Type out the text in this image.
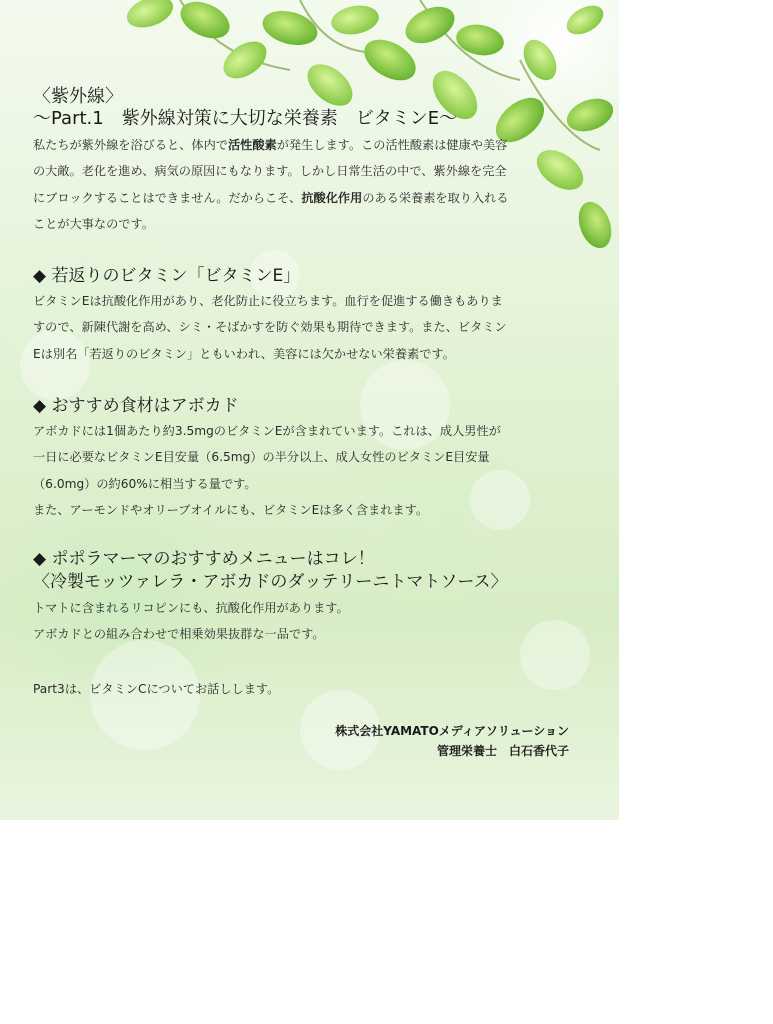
〈紫外線〉
〜Part.1　紫外線対策に大切な栄養素　ビタミンE〜
私たちが紫外線を浴びると、体内で活性酸素が発生します。この活性酸素は健康や美容
の大敵。老化を進め、病気の原因にもなります。しかし日常生活の中で、紫外線を完全
にブロックすることはできません。だからこそ、抗酸化作用のある栄養素を取り入れる
ことが大事なのです。
◆ 若返りのビタミン「ビタミンE」
ビタミンEは抗酸化作用があり、老化防止に役立ちます。血行を促進する働きもありま
すので、新陳代謝を高め、シミ・そばかすを防ぐ効果も期待できます。また、ビタミン
Eは別名「若返りのビタミン」ともいわれ、美容には欠かせない栄養素です。
◆ おすすめ食材はアボカド
アボカドには1個あたり約3.5mgのビタミンEが含まれています。これは、成人男性が
一日に必要なビタミンE目安量（6.5mg）の半分以上、成人女性のビタミンE目安量
（6.0mg）の約60%に相当する量です。
また、アーモンドやオリーブオイルにも、ビタミンEは多く含まれます。
◆ ポポラマーマのおすすめメニューはコレ！
〈冷製モッツァレラ・アボカドのダッテリーニトマトソース〉
トマトに含まれるリコピンにも、抗酸化作用があります。
アボカドとの組み合わせで相乗効果抜群な一品です。
Part3は、ビタミンCについてお話しします。
株式会社YAMATOメディアソリューション
管理栄養士　白石香代子
